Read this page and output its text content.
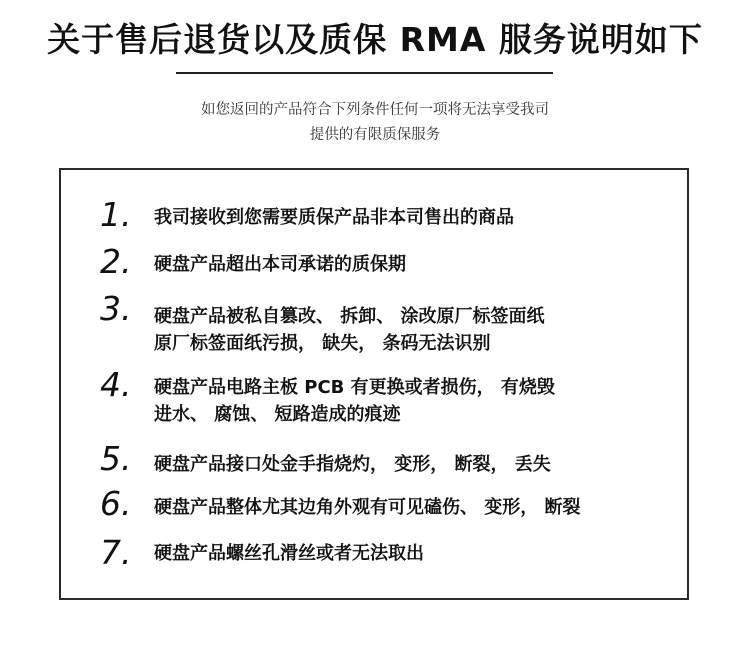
关于售后退货以及质保 RMA 服务说明如下
如您返回的产品符合下列条件任何一项将无法享受我司
提供的有限质保服务
1.	我司接收到您需要质保产品非本司售出的商品
2.	硬盘产品超出本司承诺的质保期
3.	硬盘产品被私自篡改、 拆卸、 涂改原厂标签面纸
原厂标签面纸污损， 缺失， 条码无法识别
4.	硬盘产品电路主板 PCB 有更换或者损伤， 有烧毁
进水、 腐蚀、 短路造成的痕迹
5.	硬盘产品接口处金手指烧灼， 变形， 断裂， 丢失
6.	硬盘产品整体尤其边角外观有可见磕伤、 变形， 断裂
7.	硬盘产品螺丝孔滑丝或者无法取出
